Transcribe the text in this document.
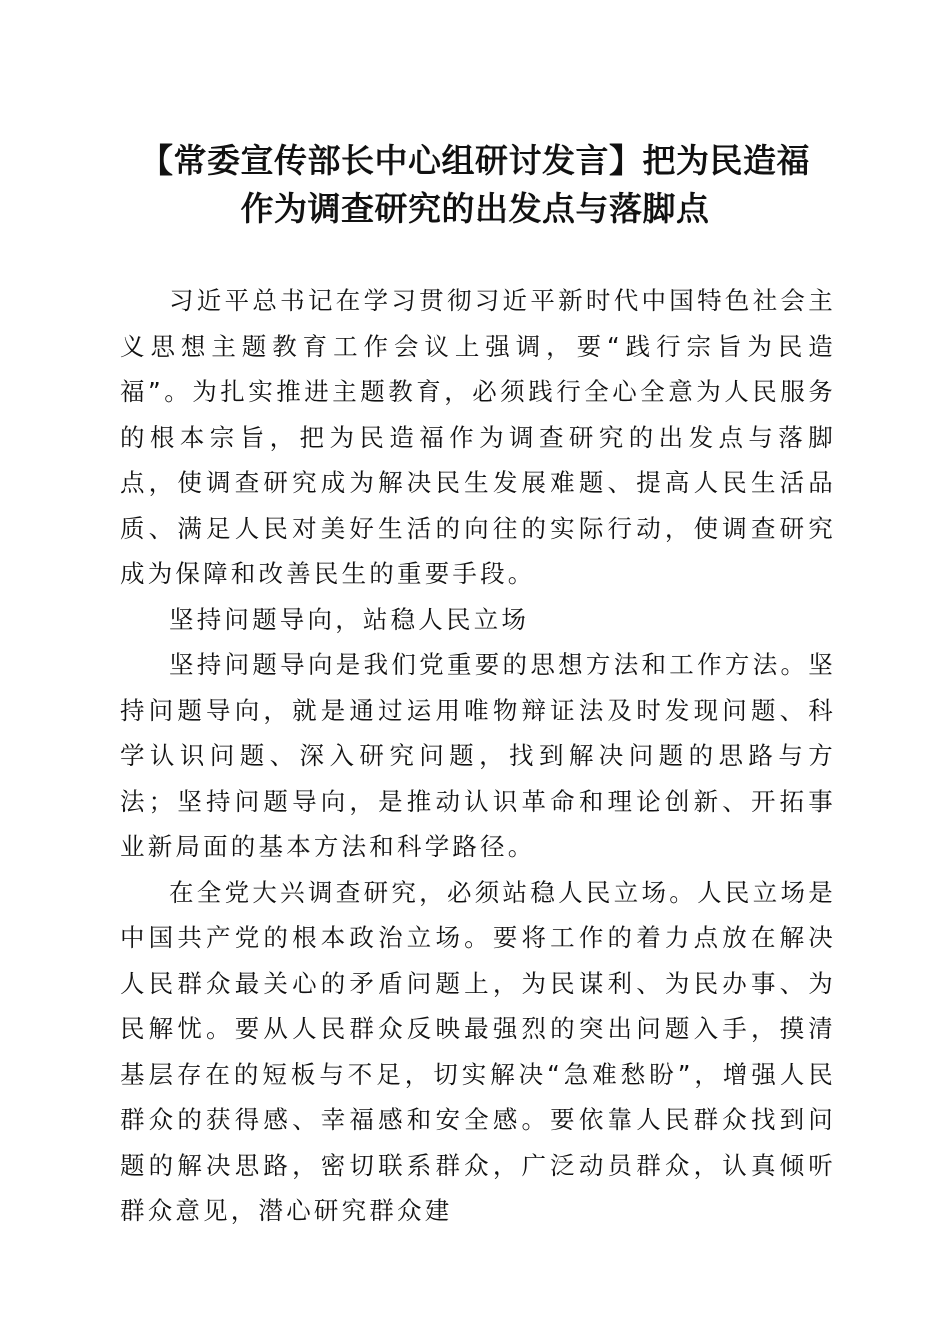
【常委宣传部长中心组研讨发言】把为民造福
作为调查研究的出发点与落脚点

习近平总书记在学习贯彻习近平新时代中国特色社会主义思想主题教育工作会议上强调，要“践行宗旨为民造福”。为扎实推进主题教育，必须践行全心全意为人民服务的根本宗旨，把为民造福作为调查研究的出发点与落脚点，使调查研究成为解决民生发展难题、提高人民生活品质、满足人民对美好生活的向往的实际行动，使调查研究成为保障和改善民生的重要手段。

坚持问题导向，站稳人民立场

坚持问题导向是我们党重要的思想方法和工作方法。坚持问题导向，就是通过运用唯物辩证法及时发现问题、科学认识问题、深入研究问题，找到解决问题的思路与方法；坚持问题导向，是推动认识革命和理论创新、开拓事业新局面的基本方法和科学路径。

在全党大兴调查研究，必须站稳人民立场。人民立场是中国共产党的根本政治立场。要将工作的着力点放在解决人民群众最关心的矛盾问题上，为民谋利、为民办事、为民解忧。要从人民群众反映最强烈的突出问题入手，摸清基层存在的短板与不足，切实解决“急难愁盼”，增强人民群众的获得感、幸福感和安全感。要依靠人民群众找到问题的解决思路，密切联系群众，广泛动员群众，认真倾听群众意见，潜心研究群众建
